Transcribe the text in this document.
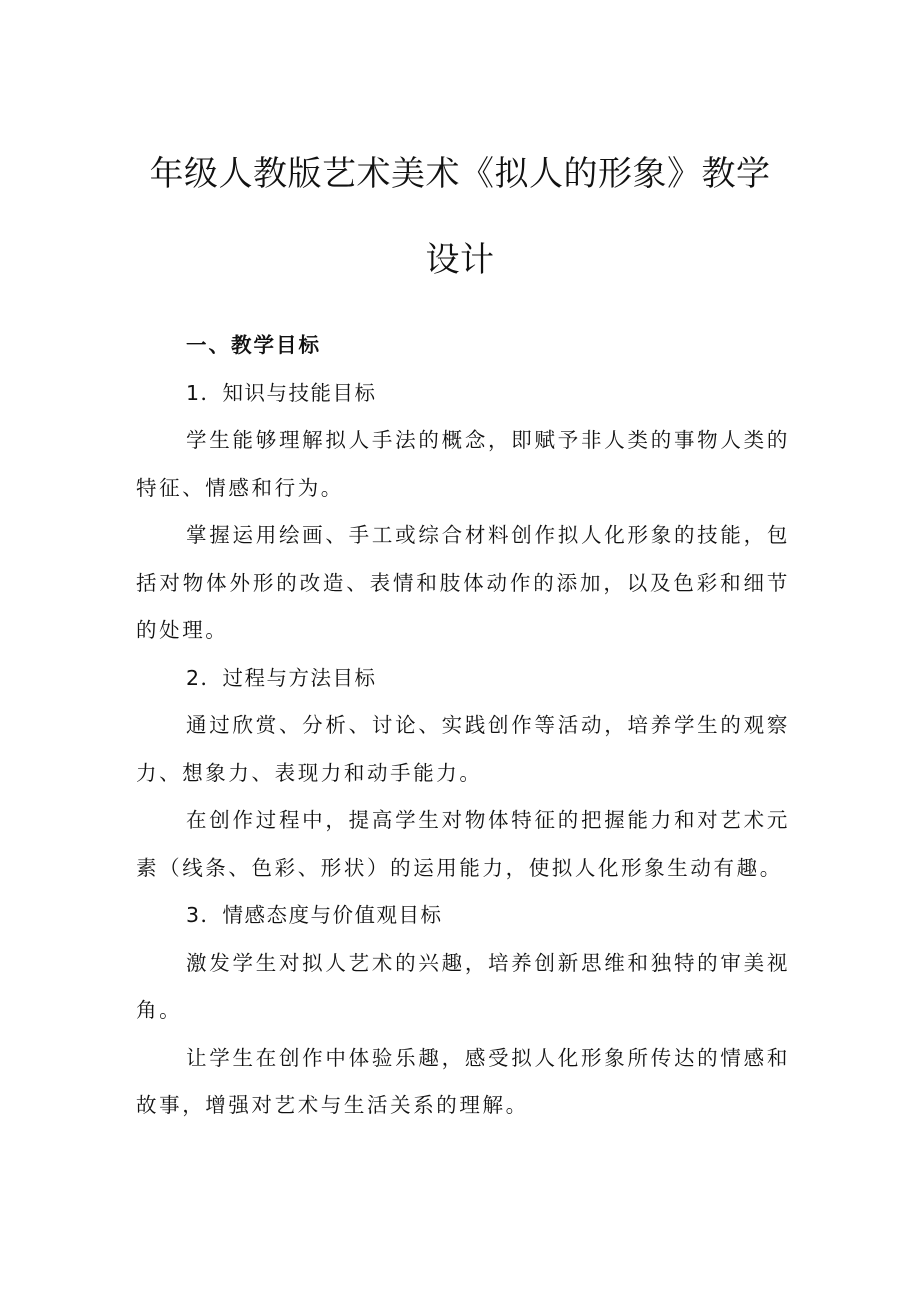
年级人教版艺术美术《拟人的形象》教学
设计

一、教学目标

1．知识与技能目标

学生能够理解拟人手法的概念，即赋予非人类的事物人类的特征、情感和行为。

掌握运用绘画、手工或综合材料创作拟人化形象的技能，包括对物体外形的改造、表情和肢体动作的添加，以及色彩和细节的处理。

2．过程与方法目标

通过欣赏、分析、讨论、实践创作等活动，培养学生的观察力、想象力、表现力和动手能力。

在创作过程中，提高学生对物体特征的把握能力和对艺术元素（线条、色彩、形状）的运用能力，使拟人化形象生动有趣。

3．情感态度与价值观目标

激发学生对拟人艺术的兴趣，培养创新思维和独特的审美视角。

让学生在创作中体验乐趣，感受拟人化形象所传达的情感和故事，增强对艺术与生活关系的理解。
